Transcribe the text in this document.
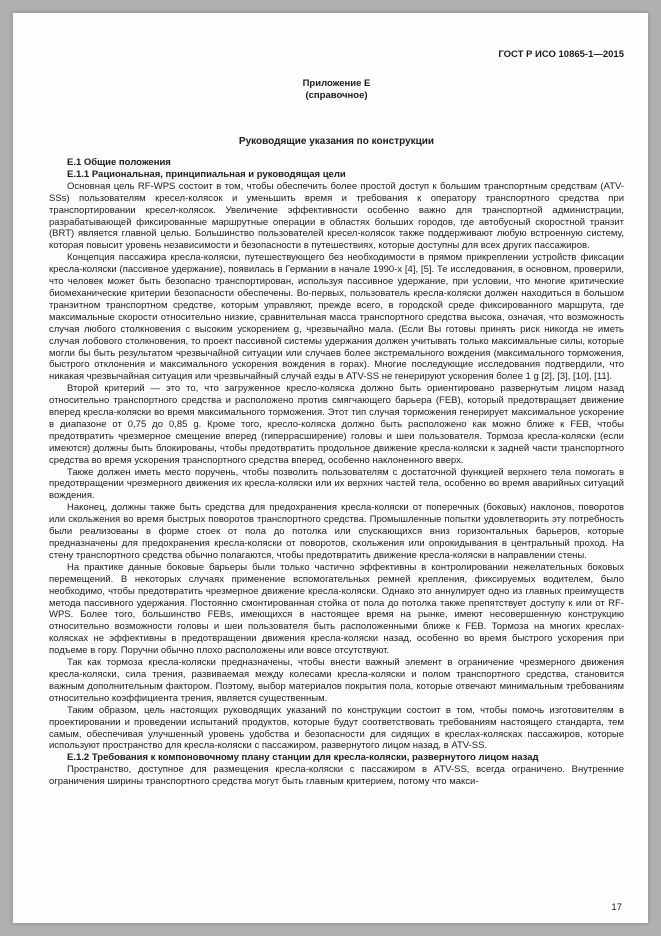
ГОСТ Р ИСО 10865-1—2015
Приложение Е
(справочное)
Руководящие указания по конструкции
Е.1 Общие положения
Е.1.1 Рациональная, принципиальная и руководящая цели
Основная цель RF-WPS состоит в том, чтобы обеспечить более простой доступ к большим транспортным средствам (ATV-SSs) пользователям кресел-колясок и уменьшить время и требования к оператору транспортного средства при транспортировании кресел-колясок. Увеличение эффективности особенно важно для транспортной администрации, разрабатывающей фиксированные маршрутные операции в областях больших городов, где автобусный скоростной транзит (BRT) является главной целью. Большинство пользователей кресел-колясок также поддерживают любую встроенную систему, которая повысит уровень независимости и безопасности в путешествиях, которые доступны для всех других пассажиров.
Концепция пассажира кресла-коляски, путешествующего без необходимости в прямом прикреплении устройств фиксации кресла-коляски (пассивное удержание), появилась в Германии в начале 1990-х [4], [5]. Те исследования, в основном, проверили, что человек может быть безопасно транспортирован, используя пассивное удержание, при условии, что многие критические биомеханические критерии безопасности обеспечены. Во-первых, пользователь кресла-коляски должен находиться в большом транзитном транспортном средстве, которым управляют, прежде всего, в городской среде фиксированного маршрута, где максимальные скорости относительно низкие, сравнительная масса транспортного средства высока, означая, что возможность случая любого столкновения с высоким ускорением g, чрезвычайно мала. (Если Вы готовы принять риск никогда не иметь случая лобового столкновения, то проект пассивной системы удержания должен учитывать только максимальные силы, которые могли бы быть результатом чрезвычайной ситуации или случаев более экстремального вождения (максимального торможения, быстрого отклонения и максимального ускорения вождения в горах). Многие последующие исследования подтвердили, что никакая чрезвычайная ситуация или чрезвычайный случай езды в ATV-SS не генерируют ускорения более 1 g [2], [3], [10], [11].
Второй критерий — это то, что загруженное кресло-коляска должно быть ориентировано развернутым лицом назад относительно транспортного средства и расположено против смягчающего барьера (FEB), который предотвращает движение вперед кресла-коляски во время максимального торможения. Этот тип случая торможения генерирует максимальное ускорение в диапазоне от 0,75 до 0,85 g. Кроме того, кресло-коляска должно быть расположено как можно ближе к FEB, чтобы предотвратить чрезмерное смещение вперед (гиперрасширение) головы и шеи пользователя. Тормоза кресла-коляски (если имеются) должны быть блокированы, чтобы предотвратить продольное движение кресла-коляски к задней части транспортного средства во время ускорения транспортного средства вперед, особенно наклоненного вверх.
Также должен иметь место поручень, чтобы позволить пользователям с достаточной функцией верхнего тела помогать в предотвращении чрезмерного движения их кресла-коляски или их верхних частей тела, особенно во время аварийных ситуаций вождения.
Наконец, должны также быть средства для предохранения кресла-коляски от поперечных (боковых) наклонов, поворотов или скольжения во время быстрых поворотов транспортного средства. Промышленные попытки удовлетворить эту потребность были реализованы в форме стоек от пола до потолка или спускающихся вниз горизонтальных барьеров, которые предназначены для предохранения кресла-коляски от поворотов, скольжения или опрокидывания в центральный проход. На стену транспортного средства обычно полагаются, чтобы предотвратить движение кресла-коляски в направлении стены.
На практике данные боковые барьеры были только частично эффективны в контролировании нежелательных боковых перемещений. В некоторых случаях применение вспомогательных ремней крепления, фиксируемых водителем, было необходимо, чтобы предотвратить чрезмерное движение кресла-коляски. Однако это аннулирует одно из главных преимуществ метода пассивного удержания. Постоянно смонтированная стойка от пола до потолка также препятствует доступу к или от RF-WPS. Более того, большинство FEBs, имеющихся в настоящее время на рынке, имеют несовершенную конструкцию относительно возможности головы и шеи пользователя быть расположенными ближе к FEB. Тормоза на многих креслах-колясках не эффективны в предотвращении движения кресла-коляски назад, особенно во время быстрого ускорения при подъеме в гору. Поручни обычно плохо расположены или вовсе отсутствуют.
Так как тормоза кресла-коляски предназначены, чтобы внести важный элемент в ограничение чрезмерного движения кресла-коляски, сила трения, развиваемая между колесами кресла-коляски и полом транспортного средства, становится важным дополнительным фактором. Поэтому, выбор материалов покрытия пола, которые отвечают минимальным требованиям относительно коэффициента трения, является существенным.
Таким образом, цель настоящих руководящих указаний по конструкции состоит в том, чтобы помочь изготовителям в проектировании и проведении испытаний продуктов, которые будут соответствовать требованиям настоящего стандарта, тем самым, обеспечивая улучшенный уровень удобства и безопасности для сидящих в креслах-колясках пассажиров, которые используют пространство для кресла-коляски с пассажиром, развернутого лицом назад, в ATV-SS.
Е.1.2 Требования к компоновочному плану станции для кресла-коляски, развернутого лицом назад
Пространство, доступное для размещения кресла-коляски с пассажиром в ATV-SS, всегда ограничено. Внутренние ограничения ширины транспортного средства могут быть главным критерием, потому что макси-
17
